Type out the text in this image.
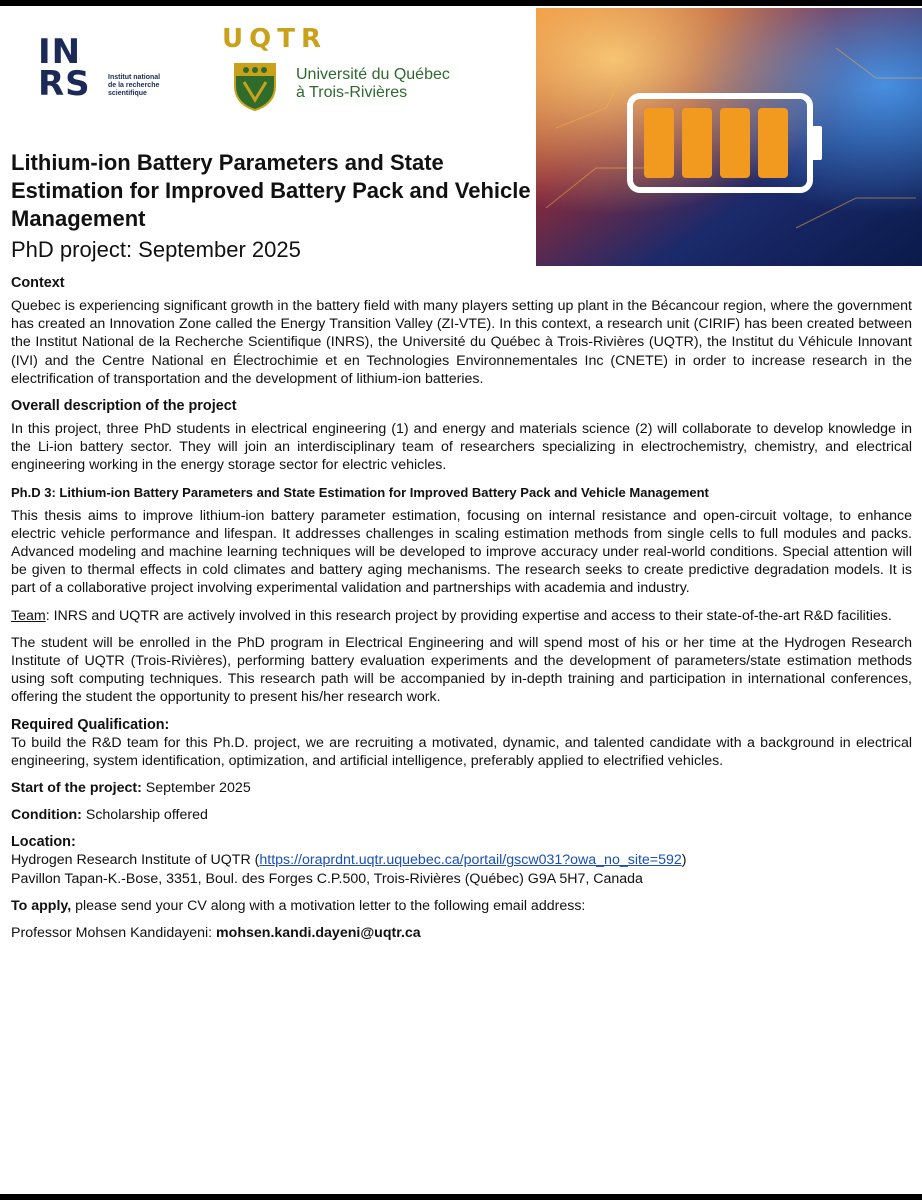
IN
RS Institut national
de la recherche
scientifique
UQTR
Université du Québec
à Trois-Rivières
Lithium-ion Battery Parameters and State Estimation for Improved Battery Pack and Vehicle Management
PhD project: September 2025
Context

Quebec is experiencing significant growth in the battery field with many players setting up plant in the Bécancour region, where the government has created an Innovation Zone called the Energy Transition Valley (ZI-VTE). In this context, a research unit (CIRIF) has been created between the Institut National de la Recherche Scientifique (INRS), the Université du Québec à Trois-Rivières (UQTR), the Institut du Véhicule Innovant (IVI) and the Centre National en Électrochimie et en Technologies Environnementales Inc (CNETE) in order to increase research in the electrification of transportation and the development of lithium-ion batteries.

Overall description of the project

In this project, three PhD students in electrical engineering (1) and energy and materials science (2) will collaborate to develop knowledge in the Li-ion battery sector. They will join an interdisciplinary team of researchers specializing in electrochemistry, chemistry, and electrical engineering working in the energy storage sector for electric vehicles.

Ph.D 3: Lithium-ion Battery Parameters and State Estimation for Improved Battery Pack and Vehicle Management

This thesis aims to improve lithium-ion battery parameter estimation, focusing on internal resistance and open-circuit voltage, to enhance electric vehicle performance and lifespan. It addresses challenges in scaling estimation methods from single cells to full modules and packs. Advanced modeling and machine learning techniques will be developed to improve accuracy under real-world conditions. Special attention will be given to thermal effects in cold climates and battery aging mechanisms. The research seeks to create predictive degradation models. It is part of a collaborative project involving experimental validation and partnerships with academia and industry.

Team: INRS and UQTR are actively involved in this research project by providing expertise and access to their state-of-the-art R&D facilities.

The student will be enrolled in the PhD program in Electrical Engineering and will spend most of his or her time at the Hydrogen Research Institute of UQTR (Trois-Rivières), performing battery evaluation experiments and the development of parameters/state estimation methods using soft computing techniques. This research path will be accompanied by in-depth training and participation in international conferences, offering the student the opportunity to present his/her research work.

Required Qualification:

To build the R&D team for this Ph.D. project, we are recruiting a motivated, dynamic, and talented candidate with a background in electrical engineering, system identification, optimization, and artificial intelligence, preferably applied to electrified vehicles.

Start of the project: September 2025

Condition: Scholarship offered

Location:

Hydrogen Research Institute of UQTR (https://oraprdnt.uqtr.uquebec.ca/portail/gscw031?owa_no_site=592)

Pavillon Tapan-K.-Bose, 3351, Boul. des Forges C.P.500, Trois-Rivières (Québec) G9A 5H7, Canada

To apply, please send your CV along with a motivation letter to the following email address:

Professor Mohsen Kandidayeni: mohsen.kandi.dayeni@uqtr.ca
